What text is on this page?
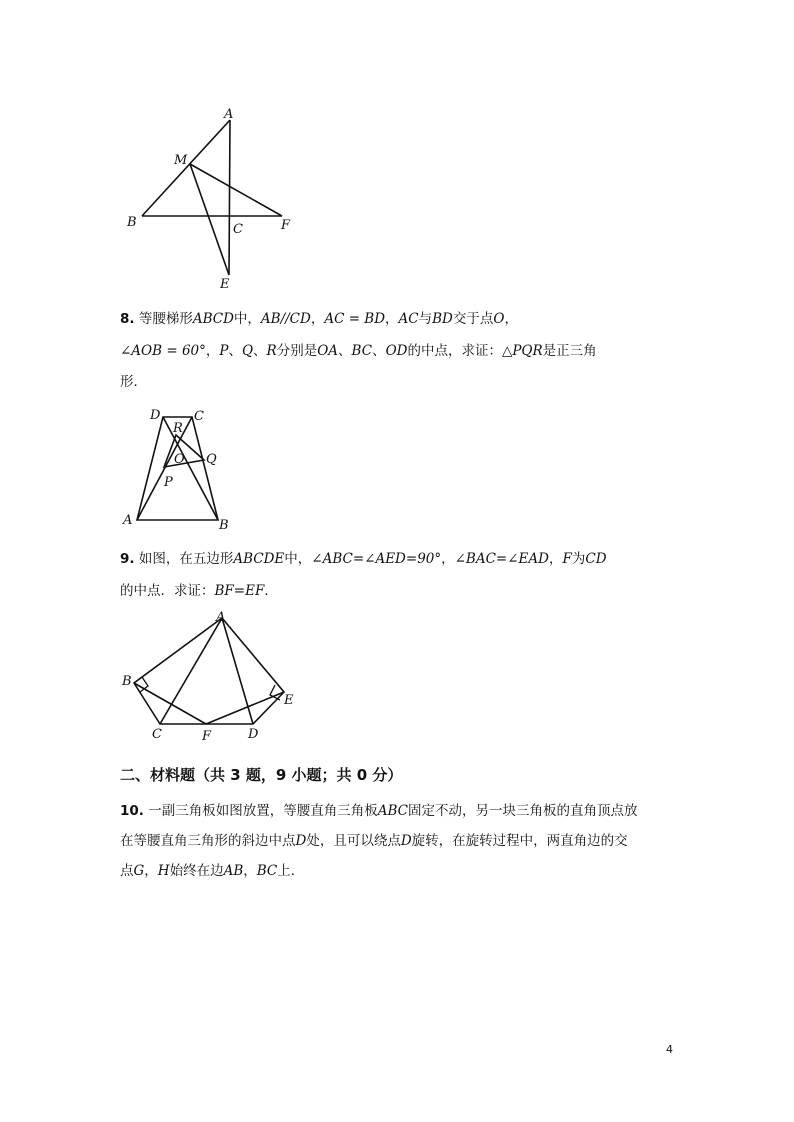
A
M
B	C	F
E
8. 等腰梯形ABCD中，AB//CD，AC = BD，AC与BD交于点O，
∠AOB = 60°，P、Q、R分别是OA、BC、OD的中点，求证：△PQR是正三角
形．
D	C
R
O Q
P
A	B
9. 如图，在五边形ABCDE中，∠ABC=∠AED=90°，∠BAC=∠EAD，F为CD
的中点．求证：BF=EF．
A
B
E
C	F	D
二、材料题（共 3 题，9 小题；共 0 分）
10. 一副三角板如图放置，等腰直角三角板ABC固定不动，另一块三角板的直角顶点放
在等腰直角三角形的斜边中点D处，且可以绕点D旋转，在旋转过程中，两直角边的交
点G，H始终在边AB，BC上．
4
